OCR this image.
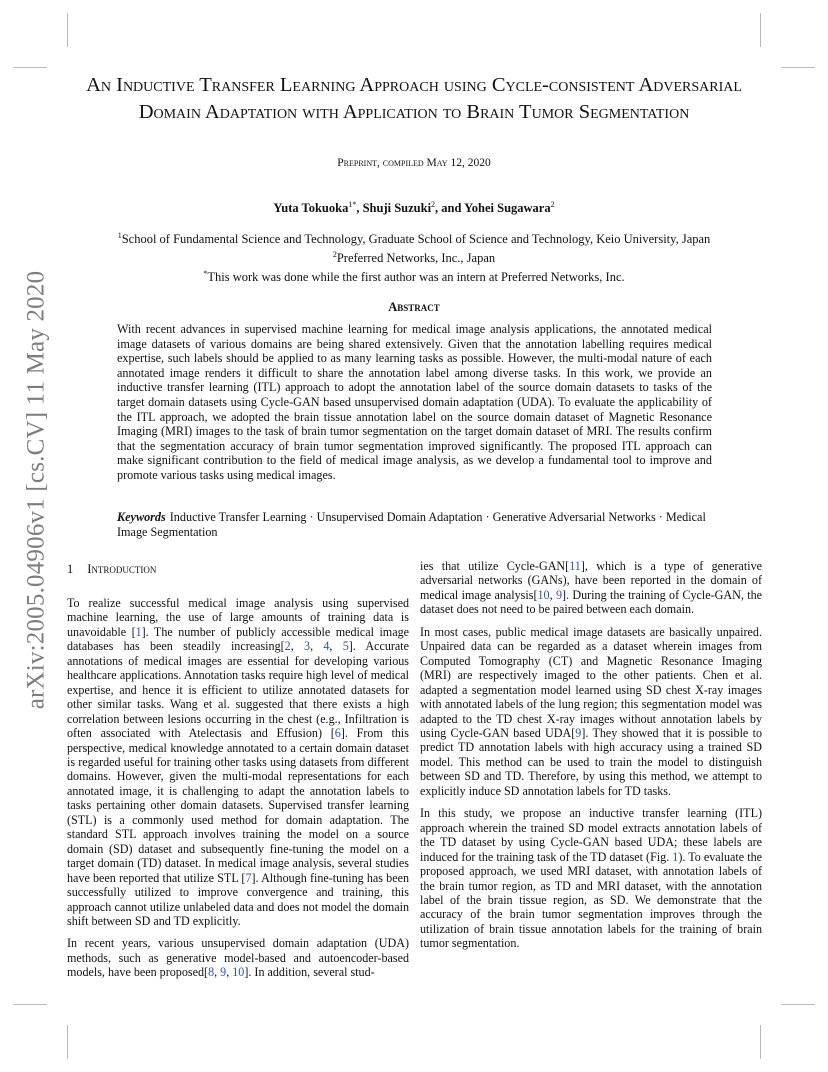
arXiv:2005.04906v1 [cs.CV] 11 May 2020
An Inductive Transfer Learning Approach using Cycle-consistent Adversarial Domain Adaptation with Application to Brain Tumor Segmentation
Preprint, compiled May 12, 2020
Yuta Tokuoka$^{1*}$, Shuji Suzuki$^2$, and Yohei Sugawara$^2$
$^1$School of Fundamental Science and Technology, Graduate School of Science and Technology, Keio University, Japan
$^2$Preferred Networks, Inc., Japan
*This work was done while the first author was an intern at Preferred Networks, Inc.
Abstract

With recent advances in supervised machine learning for medical image analysis applications, the annotated medical image datasets of various domains are being shared extensively. Given that the annotation labelling requires medical expertise, such labels should be applied to as many learning tasks as possible. However, the multi-modal nature of each annotated image renders it difficult to share the annotation label among diverse tasks. In this work, we provide an inductive transfer learning (ITL) approach to adopt the annotation label of the source domain datasets to tasks of the target domain datasets using Cycle-GAN based unsupervised domain adaptation (UDA). To evaluate the applicability of the ITL approach, we adopted the brain tissue annotation label on the source domain dataset of Magnetic Resonance Imaging (MRI) images to the task of brain tumor segmentation on the target domain dataset of MRI. The results confirm that the segmentation accuracy of brain tumor segmentation improved significantly. The proposed ITL approach can make significant contribution to the field of medical image analysis, as we develop a fundamental tool to improve and promote various tasks using medical images.

Keywords Inductive Transfer Learning · Unsupervised Domain Adaptation · Generative Adversarial Networks · Medical Image Segmentation

1 Introduction

To realize successful medical image analysis using supervised machine learning, the use of large amounts of training data is unavoidable [1]. The number of publicly accessible medical image databases has been steadily increasing[2, 3, 4, 5]. Accurate annotations of medical images are essential for developing various healthcare applications. Annotation tasks require high level of medical expertise, and hence it is efficient to utilize annotated datasets for other similar tasks. Wang et al. suggested that there exists a high correlation between lesions occurring in the chest (e.g., Infiltration is often associated with Atelectasis and Effusion) [6]. From this perspective, medical knowledge annotated to a certain domain dataset is regarded useful for training other tasks using datasets from different domains. However, given the multi-modal representations for each annotated image, it is challenging to adapt the annotation labels to tasks pertaining other domain datasets. Supervised transfer learning (STL) is a commonly used method for domain adaptation. The standard STL approach involves training the model on a source domain (SD) dataset and subsequently fine-tuning the model on a target domain (TD) dataset. In medical image analysis, several studies have been reported that utilize STL [7]. Although fine-tuning has been successfully utilized to improve convergence and training, this approach cannot utilize unlabeled data and does not model the domain shift between SD and TD explicitly.

In recent years, various unsupervised domain adaptation (UDA) methods, such as generative model-based and autoencoder-based models, have been proposed[8, 9, 10]. In addition, several stud-

ies that utilize Cycle-GAN[11], which is a type of generative adversarial networks (GANs), have been reported in the domain of medical image analysis[10, 9]. During the training of Cycle-GAN, the dataset does not need to be paired between each domain.

In most cases, public medical image datasets are basically unpaired. Unpaired data can be regarded as a dataset wherein images from Computed Tomography (CT) and Magnetic Resonance Imaging (MRI) are respectively imaged to the other patients. Chen et al. adapted a segmentation model learned using SD chest X-ray images with annotated labels of the lung region; this segmentation model was adapted to the TD chest X-ray images without annotation labels by using Cycle-GAN based UDA[9]. They showed that it is possible to predict TD annotation labels with high accuracy using a trained SD model. This method can be used to train the model to distinguish between SD and TD. Therefore, by using this method, we attempt to explicitly induce SD annotation labels for TD tasks.

In this study, we propose an inductive transfer learning (ITL) approach wherein the trained SD model extracts annotation labels of the TD dataset by using Cycle-GAN based UDA; these labels are induced for the training task of the TD dataset (Fig. 1). To evaluate the proposed approach, we used MRI dataset, with annotation labels of the brain tumor region, as TD and MRI dataset, with the annotation label of the brain tissue region, as SD. We demonstrate that the accuracy of the brain tumor segmentation improves through the utilization of brain tissue annotation labels for the training of brain tumor segmentation.
